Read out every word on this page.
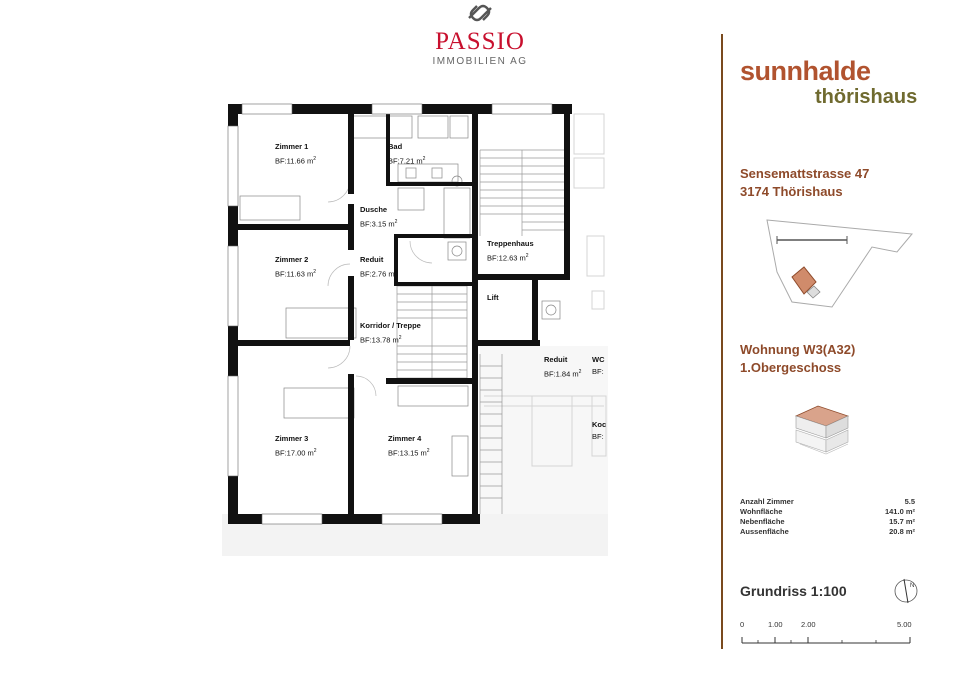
PASSIO
IMMOBILIEN AG
Zimmer 1
BF:11.66 $m^2$
Bad
BF:7.21 $m^2$
Dusche
BF:3.15 $m^2$
Treppenhaus
BF:12.63 $m^2$
Zimmer 2
BF:11.63 $m^2$
Reduit
BF:2.76 $m^2$
Lift
Korridor / Treppe
BF:13.78 $m^2$
Reduit
BF:1.84 $m^2$
WC
BF:
Zimmer 3
BF:17.00 $m^2$
Zimmer 4
BF:13.15 $m^2$
Koc
BF:
sunnhalde
thörishaus
Sensemattstrasse 47
3174 Thörishaus
Wohnung W3(A32)
1.Obergeschoss
Anzahl Zimmer	5.5
Wohnfläche	141.0 m²
Nebenfläche	15.7 m²
Aussenfläche	20.8 m²
Grundriss 1:100	N
0	1.00 2.00	5.00
